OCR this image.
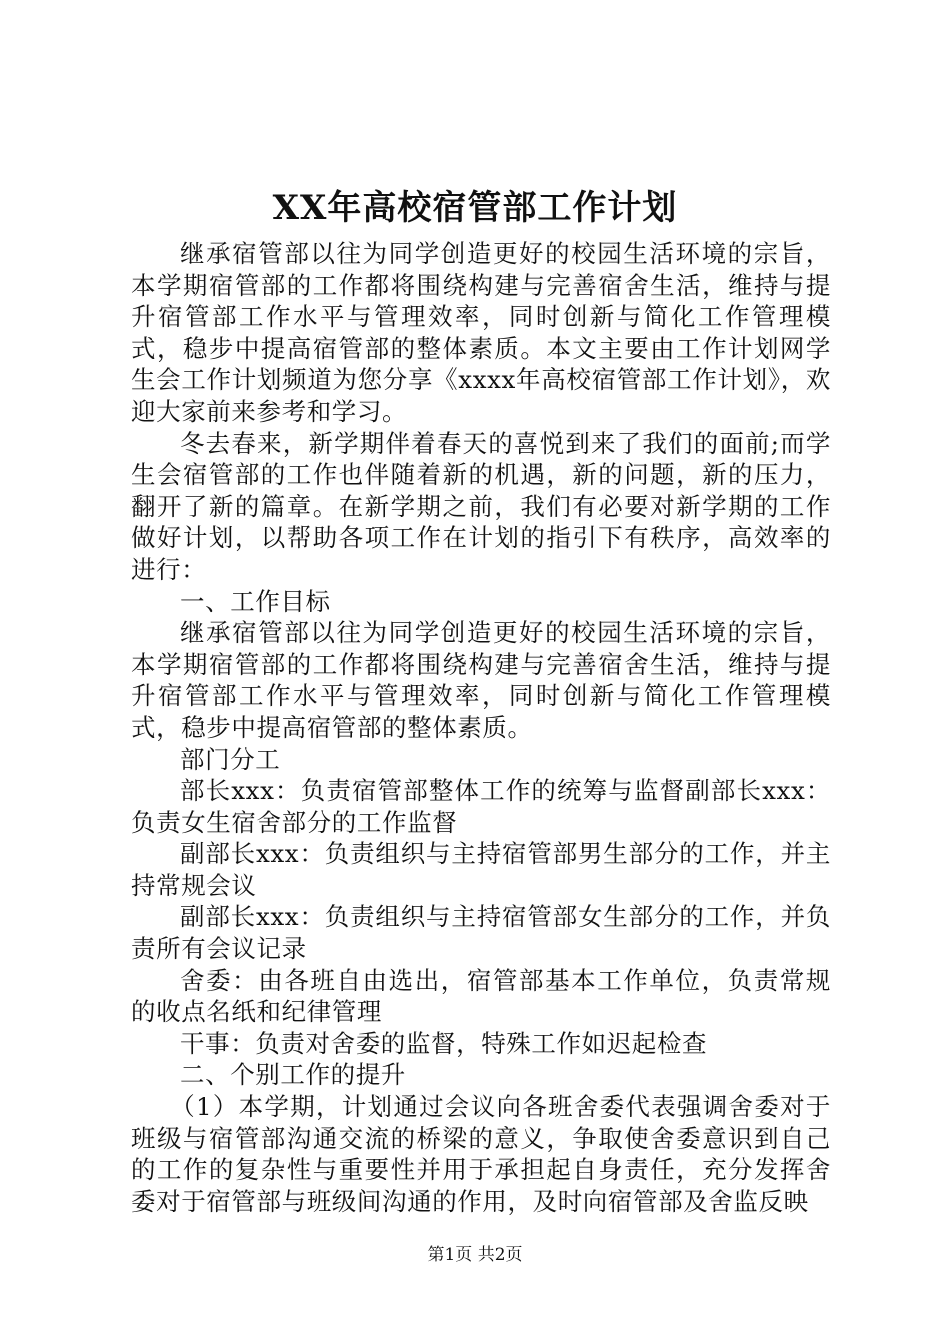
XX年高校宿管部工作计划

继承宿管部以往为同学创造更好的校园生活环境的宗旨，本学期宿管部的工作都将围绕构建与完善宿舍生活，维持与提升宿管部工作水平与管理效率，同时创新与简化工作管理模式，稳步中提高宿管部的整体素质。本文主要由工作计划网学生会工作计划频道为您分享《xxxx年高校宿管部工作计划》，欢迎大家前来参考和学习。

冬去春来，新学期伴着春天的喜悦到来了我们的面前;而学生会宿管部的工作也伴随着新的机遇，新的问题，新的压力，翻开了新的篇章。在新学期之前，我们有必要对新学期的工作做好计划，以帮助各项工作在计划的指引下有秩序，高效率的进行：

一、工作目标

继承宿管部以往为同学创造更好的校园生活环境的宗旨，本学期宿管部的工作都将围绕构建与完善宿舍生活，维持与提升宿管部工作水平与管理效率，同时创新与简化工作管理模式，稳步中提高宿管部的整体素质。

部门分工

部长xxx：负责宿管部整体工作的统筹与监督副部长xxx：负责女生宿舍部分的工作监督

副部长xxx：负责组织与主持宿管部男生部分的工作，并主持常规会议

副部长xxx：负责组织与主持宿管部女生部分的工作，并负责所有会议记录

舍委：由各班自由选出，宿管部基本工作单位，负责常规的收点名纸和纪律管理

干事：负责对舍委的监督，特殊工作如迟起检查

二、个别工作的提升

（1）本学期，计划通过会议向各班舍委代表强调舍委对于班级与宿管部沟通交流的桥梁的意义，争取使舍委意识到自己的工作的复杂性与重要性并用于承担起自身责任，充分发挥舍委对于宿管部与班级间沟通的作用，及时向宿管部及舍监反映

第1页 共2页
